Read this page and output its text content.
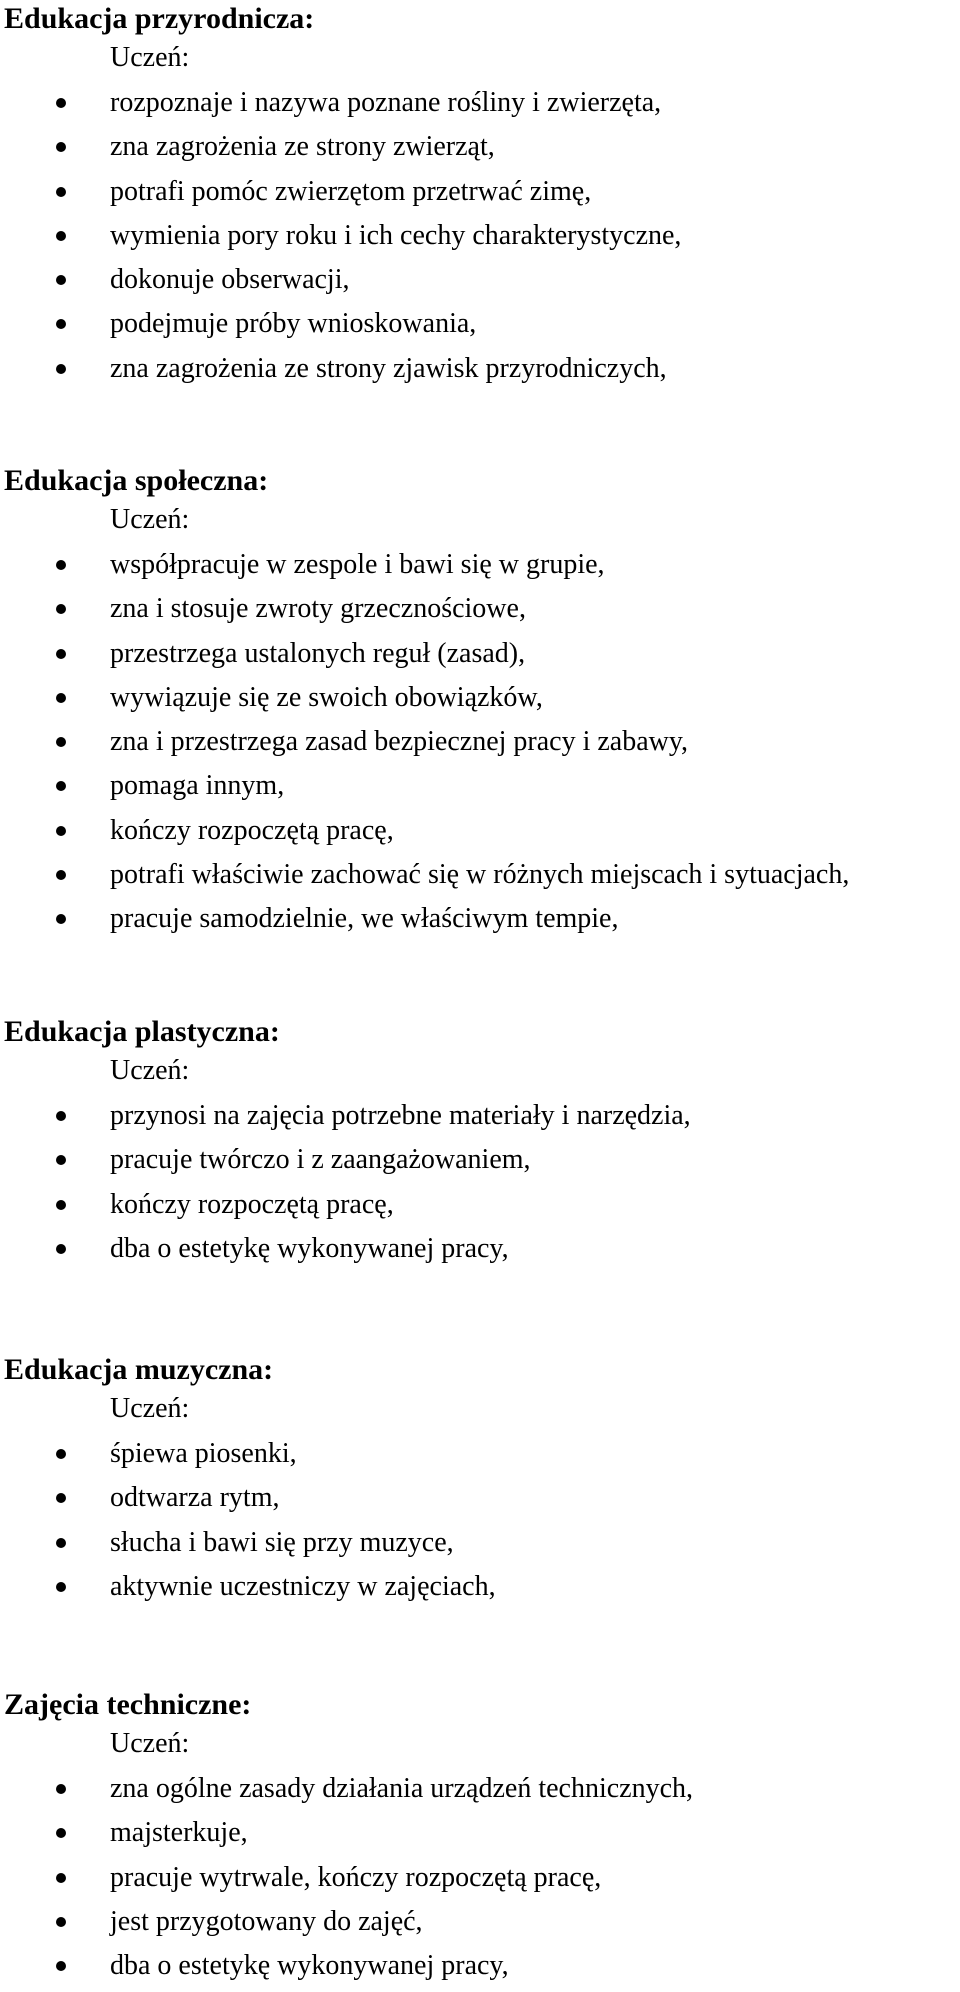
Edukacja przyrodnicza:
Uczeń:
rozpoznaje i nazywa poznane rośliny i zwierzęta,
zna zagrożenia ze strony zwierząt,
potrafi pomóc zwierzętom przetrwać zimę,
wymienia pory roku i ich cechy charakterystyczne,
dokonuje obserwacji,
podejmuje próby wnioskowania,
zna zagrożenia ze strony zjawisk przyrodniczych,
Edukacja społeczna:
Uczeń:
współpracuje w zespole i bawi się w grupie,
zna i stosuje zwroty grzecznościowe,
przestrzega ustalonych reguł (zasad),
wywiązuje się ze swoich obowiązków,
zna i przestrzega zasad bezpiecznej pracy i zabawy,
pomaga innym,
kończy rozpoczętą pracę,
potrafi właściwie zachować się w różnych miejscach i sytuacjach,
pracuje samodzielnie, we właściwym tempie,
Edukacja plastyczna:
Uczeń:
przynosi na zajęcia potrzebne materiały i narzędzia,
pracuje twórczo i z zaangażowaniem,
kończy rozpoczętą pracę,
dba o estetykę wykonywanej pracy,
Edukacja muzyczna:
Uczeń:
śpiewa piosenki,
odtwarza rytm,
słucha i bawi się przy muzyce,
aktywnie uczestniczy w zajęciach,
Zajęcia techniczne:
Uczeń:
zna ogólne zasady działania urządzeń technicznych,
majsterkuje,
pracuje wytrwale, kończy rozpoczętą pracę,
jest przygotowany do zajęć,
dba o estetykę wykonywanej pracy,
